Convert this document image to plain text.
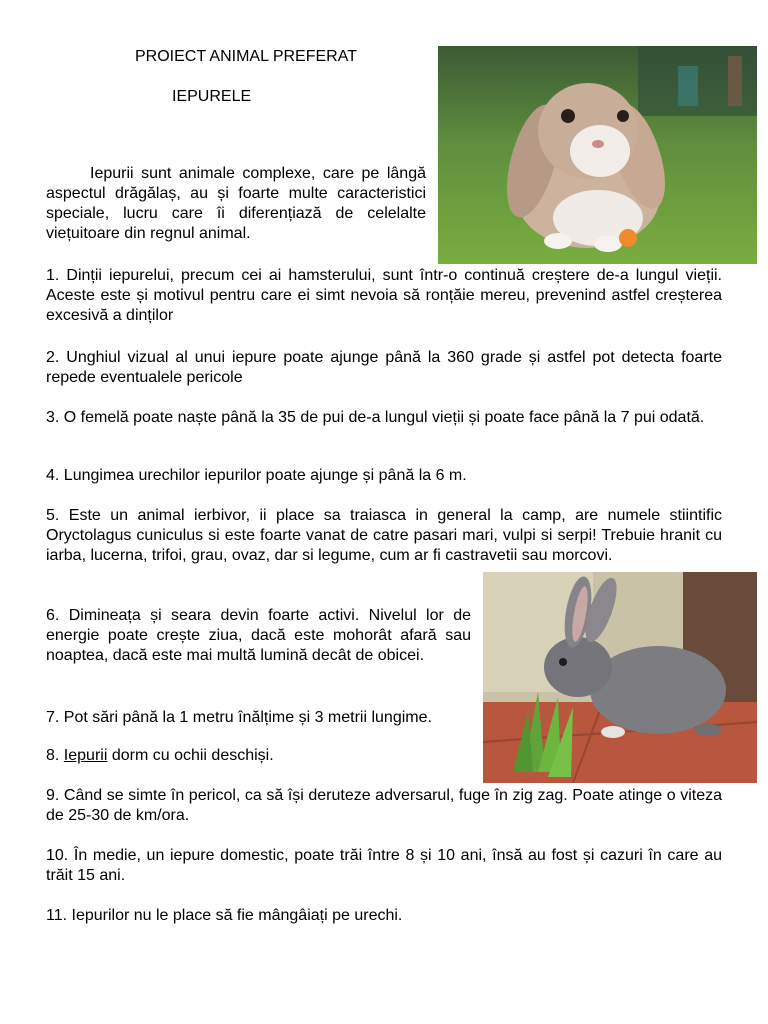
PROIECT ANIMAL PREFERAT
IEPURELE

Iepurii sunt animale complexe, care pe lângă aspectul drăgălaș, au și foarte multe caracteristici speciale, lucru care îi diferențiază de celelalte viețuitoare din regnul animal.

1. Dinții iepurelui, precum cei ai hamsterului, sunt într-o continuă creștere de-a lungul vieții. Aceste este și motivul pentru care ei simt nevoia să ronțăie mereu, prevenind astfel creșterea excesivă a dinților

2. Unghiul vizual al unui iepure poate ajunge până la 360 grade și astfel pot detecta foarte repede eventualele pericole

3. O femelă poate naște până la 35 de pui de-a lungul vieții și poate face până la 7 pui odată.

4. Lungimea urechilor iepurilor poate ajunge și până la 6 m.

5. Este un animal ierbivor, ii place sa traiasca in general la camp, are numele stiintific Oryctolagus cuniculus si este foarte vanat de catre pasari mari, vulpi si serpi! Trebuie hranit cu iarba, lucerna, trifoi, grau, ovaz, dar si legume, cum ar fi castravetii sau morcovi.

6. Dimineața și seara devin foarte activi. Nivelul lor de energie poate crește ziua, dacă este mohorât afară sau noaptea, dacă este mai multă lumină decât de obicei.

7. Pot sări până la 1 metru înălțime și 3 metrii lungime.

8. Iepurii dorm cu ochii deschiși.

9. Când se simte în pericol, ca să își deruteze adversarul, fuge în zig zag. Poate atinge o viteza de 25-30 de km/ora.

10. În medie, un iepure domestic, poate trăi între 8 și 10 ani, însă au fost și cazuri în care au trăit 15 ani.

11. Iepurilor nu le place să fie mângâiați pe urechi.
